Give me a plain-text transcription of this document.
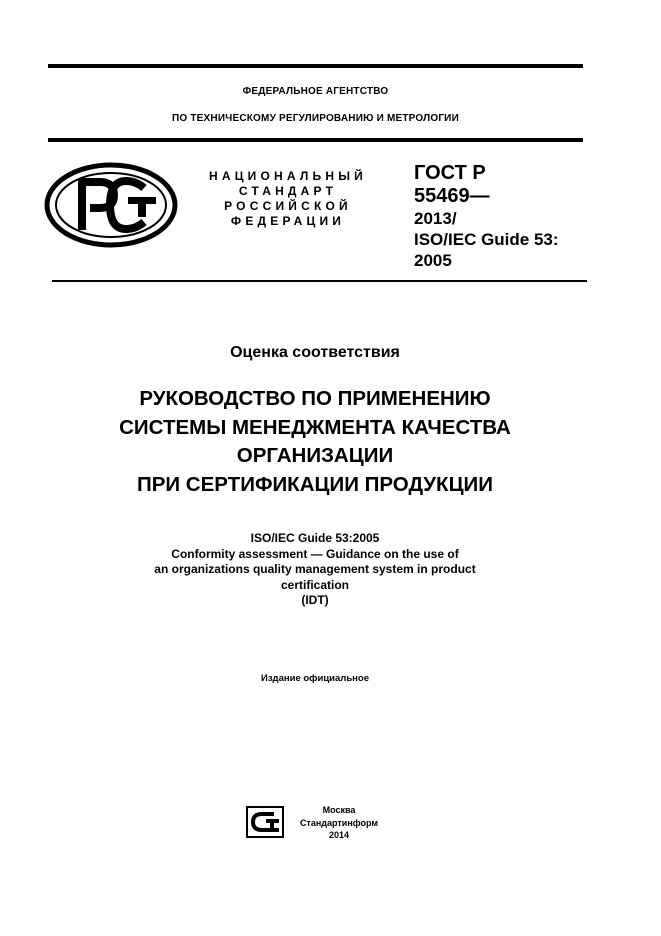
ФЕДЕРАЛЬНОЕ АГЕНТСТВО
ПО ТЕХНИЧЕСКОМУ РЕГУЛИРОВАНИЮ И МЕТРОЛОГИИ
НАЦИОНАЛЬНЫЙ
СТАНДАРТ
РОССИЙСКОЙ
ФЕДЕРАЦИИ
ГОСТ Р
55469—
2013/
ISO/IEC Guide 53:
2005
Оценка соответствия
РУКОВОДСТВО ПО ПРИМЕНЕНИЮ
СИСТЕМЫ МЕНЕДЖМЕНТА КАЧЕСТВА
ОРГАНИЗАЦИИ
ПРИ СЕРТИФИКАЦИИ ПРОДУКЦИИ
ISO/IEC Guide 53:2005
Conformity assessment — Guidance on the use of
an organizations quality management system in product
certification
(IDT)
Издание официальное
Москва
Стандартинформ
2014
